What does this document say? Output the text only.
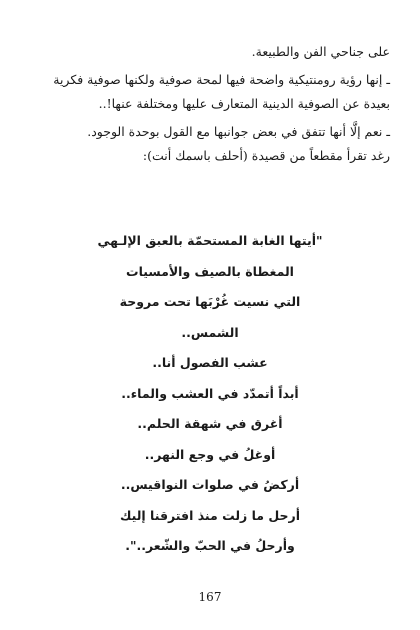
على جناحي الفن والطبيعة.

ـ إنها رؤية رومنتيكية واضحة فيها لمحة صوفية ولكنها صوفية فكرية

بعيدة عن الصوفية الدينية المتعارف عليها ومختلفة عنها!..

ـ نعم إلَّا أنها تتفق في بعض جوانبها مع القول بوحدة الوجود.

رغد تقرأ مقطعاً من قصيدة (أحلف باسمك أنت):

"أيتها الغابة المستحمّة بالعبق الإلـهي
المغطاة بالصيف والأمسيات
التي نسيت غُرْبَها تحت مروحة
الشمس..
عشب الفصول أنا..
أبداً أتمدّد في العشب والماء..
أغرق في شهقة الحلم..
أوغلُ في وجع النهر..
أركضُ في صلوات النواقيس..
أرحل ما زلت منذ افترقنا إليك
وأرحلُ في الحبّ والشّعر..".
167
